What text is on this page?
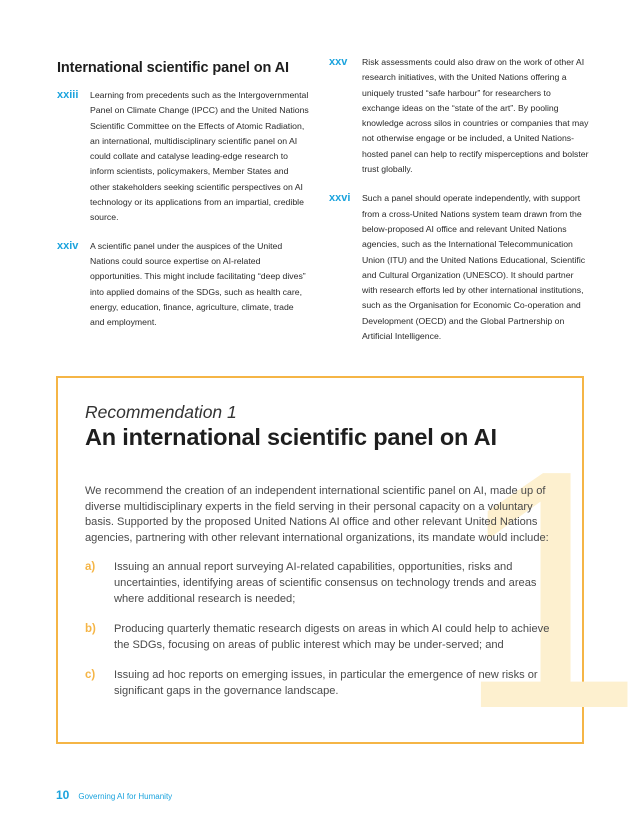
International scientific panel on AI
xxiii	Learning from precedents such as the Intergovernmental Panel on Climate Change (IPCC) and the United Nations Scientific Committee on the Effects of Atomic Radiation, an international, multidisciplinary scientific panel on AI could collate and catalyse leading-edge research to inform scientists, policymakers, Member States and other stakeholders seeking scientific perspectives on AI technology or its applications from an impartial, credible source.
xxiv	A scientific panel under the auspices of the United Nations could source expertise on AI-related opportunities. This might include facilitating “deep dives” into applied domains of the SDGs, such as health care, energy, education, finance, agriculture, climate, trade and employment.
xxv	Risk assessments could also draw on the work of other AI research initiatives, with the United Nations offering a uniquely trusted “safe harbour” for researchers to exchange ideas on the “state of the art”. By pooling knowledge across silos in countries or companies that may not otherwise engage or be included, a United Nations-hosted panel can help to rectify misperceptions and bolster trust globally.
xxvi	Such a panel should operate independently, with support from a cross-United Nations system team drawn from the below-proposed AI office and relevant United Nations agencies, such as the International Telecommunication Union (ITU) and the United Nations Educational, Scientific and Cultural Organization (UNESCO). It should partner with research efforts led by other international institutions, such as the Organisation for Economic Co-operation and Development (OECD) and the Global Partnership on Artificial Intelligence.
1
Recommendation 1
An international scientific panel on AI
We recommend the creation of an independent international scientific panel on AI, made up of diverse multidisciplinary experts in the field serving in their personal capacity on a voluntary basis. Supported by the proposed United Nations AI office and other relevant United Nations agencies, partnering with other relevant international organizations, its mandate would include:
a)	Issuing an annual report surveying AI-related capabilities, opportunities, risks and uncertainties, identifying areas of scientific consensus on technology trends and areas where additional research is needed;
b)	Producing quarterly thematic research digests on areas in which AI could help to achieve the SDGs, focusing on areas of public interest which may be under-served; and
c)	Issuing ad hoc reports on emerging issues, in particular the emergence of new risks or significant gaps in the governance landscape.
10 Governing AI for Humanity
